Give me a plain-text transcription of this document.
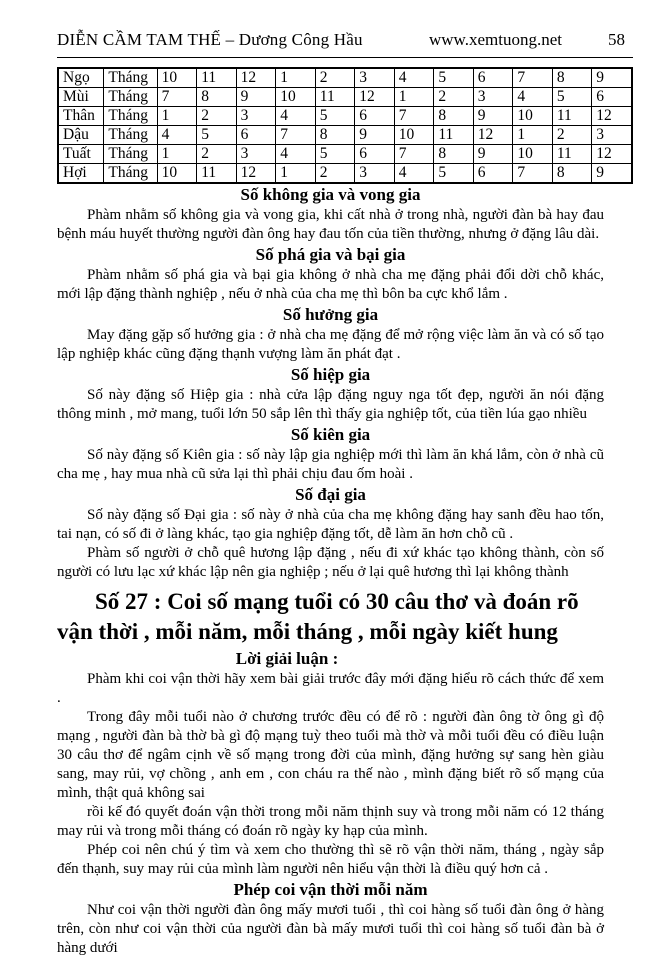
DIỄN CẦM TAM THẾ – Dương Công Hầu	www.xemtuong.net	58
Ngọ	Tháng	10	11	12	1	2	3	4	5	6	7	8	9
Mùi	Tháng	7	8	9	10	11	12	1	2	3	4	5	6
Thân	Tháng	1	2	3	4	5	6	7	8	9	10	11	12
Dậu	Tháng	4	5	6	7	8	9	10	11	12	1	2	3
Tuất	Tháng	1	2	3	4	5	6	7	8	9	10	11	12
Hợi	Tháng	10	11	12	1	2	3	4	5	6	7	8	9
Số không gia và vong gia

Phàm nhằm số không gia và vong gia, khi cất nhà ở trong nhà, người đàn bà hay đau bệnh máu huyết thường người đàn ông hay đau tốn của tiền thường, nhưng ở đặng lâu dài.

Số phá gia và bại gia

Phàm nhằm số phá gia và bại gia không ở nhà cha mẹ đặng phải đổi dời chỗ khác, mới lập đặng thành nghiệp , nếu ở nhà của cha mẹ thì bôn ba cực khổ lắm .

Số hưởng gia

May đặng gặp số hưởng gia : ở nhà cha mẹ đặng để mở rộng việc làm ăn và có số tạo lập nghiệp khác cũng đặng thạnh vượng làm ăn phát đạt .

Số hiệp gia

Số này đặng số Hiệp gia : nhà cửa lập đặng nguy nga tốt đẹp, người ăn nói đặng thông minh , mở mang, tuổi lớn 50 sắp lên thì thấy gia nghiệp tốt, của tiền lúa gạo nhiều

Số kiên gia

Số này đặng số Kiên gia : số này lập gia nghiệp mới thì làm ăn khá lắm, còn ở nhà cũ cha mẹ , hay mua nhà cũ sửa lại thì phải chịu đau ốm hoài .

Số đại gia

Số này đặng số Đại gia : số này ở nhà của cha mẹ không đặng hay sanh đều hao tốn, tai nạn, có số đi ở làng khác, tạo gia nghiệp đặng tốt, dễ làm ăn hơn chỗ cũ .

Phàm số người ở chỗ quê hương lập đặng , nếu đi xứ khác tạo không thành, còn số người có lưu lạc xứ khác lập nên gia nghiệp ; nếu ở lại quê hương thì lại không thành

Số 27 : Coi số mạng tuổi có 30 câu thơ và đoán rõ vận thời , mỗi năm, mỗi tháng , mỗi ngày kiết hung
Lời giải luận :

Phàm khi coi vận thời hãy xem bài giải trước đây mới đặng hiểu rõ cách thức để xem .

Trong đây mỗi tuổi nào ở chương trước đều có để rõ : người đàn ông tờ ông gì độ mạng , người đàn bà thờ bà gì độ mạng tuỳ theo tuổi mà thờ và mỗi tuổi đều có điều luận 30 câu thơ để ngâm cịnh về số mạng trong đời của mình, đặng hưởng sự sang hèn giàu sang, may rủi, vợ chồng , anh em , con cháu ra thế nào , mình đặng biết rõ số mạng của mình, thật quả không sai

rồi kế đó quyết đoán vận thời trong mỗi năm thịnh suy và trong mỗi năm có 12 tháng may rủi và trong mỗi tháng có đoán rõ ngày ky hạp của mình.

Phép coi nên chú ý tìm và xem cho thường thì sẽ rõ vận thời năm, tháng , ngày sắp đến thạnh, suy may rủi của mình làm người nên hiểu vận thời là điều quý hơn cả .

Phép coi vận thời mỗi năm

Như coi vận thời người đàn ông mấy mươi tuổi , thì coi hàng số tuổi đàn ông ở hàng trên, còn như coi vận thời của người đàn bà mấy mươi tuổi thì coi hàng số tuổi đàn bà ở hàng dưới
